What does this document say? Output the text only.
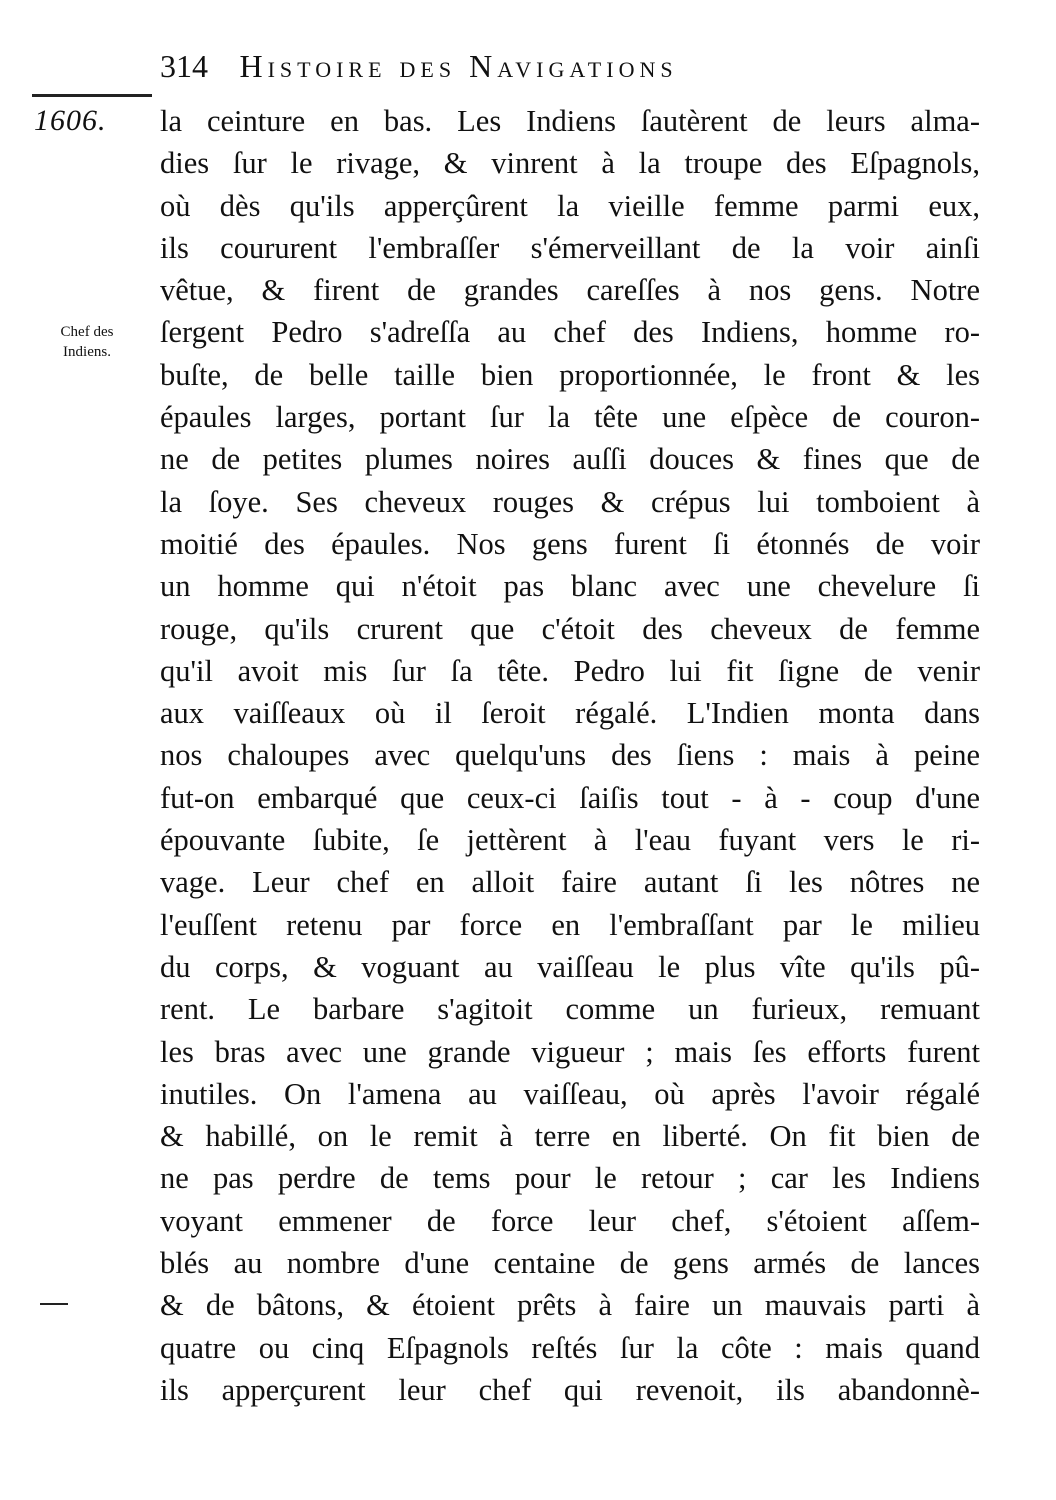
314 Histoire des Navigations
1606.
Chef des
Indiens.
la ceinture en bas. Les Indiens ſautèrent de leurs alma-
dies ſur le rivage, & vinrent à la troupe des Eſpagnols,
où dès qu'ils apperçûrent la vieille femme parmi eux,
ils coururent l'embraſſer s'émerveillant de la voir ainſi
vêtue, & firent de grandes careſſes à nos gens. Notre
ſergent Pedro s'adreſſa au chef des Indiens, homme ro-
buſte, de belle taille bien proportionnée, le front & les
épaules larges, portant ſur la tête une eſpèce de couron-
ne de petites plumes noires auſſi douces & fines que de
la ſoye. Ses cheveux rouges & crépus lui tomboient à
moitié des épaules. Nos gens furent ſi étonnés de voir
un homme qui n'étoit pas blanc avec une chevelure ſi
rouge, qu'ils crurent que c'étoit des cheveux de femme
qu'il avoit mis ſur ſa tête. Pedro lui fit ſigne de venir
aux vaiſſeaux où il ſeroit régalé. L'Indien monta dans
nos chaloupes avec quelqu'uns des ſiens : mais à peine
fut-on embarqué que ceux-ci ſaiſis tout - à - coup d'une
épouvante ſubite, ſe jettèrent à l'eau fuyant vers le ri-
vage. Leur chef en alloit faire autant ſi les nôtres ne
l'euſſent retenu par force en l'embraſſant par le milieu
du corps, & voguant au vaiſſeau le plus vîte qu'ils pû-
rent. Le barbare s'agitoit comme un furieux, remuant
les bras avec une grande vigueur ; mais ſes efforts furent
inutiles. On l'amena au vaiſſeau, où après l'avoir régalé
& habillé, on le remit à terre en liberté. On fit bien de
ne pas perdre de tems pour le retour ; car les Indiens
voyant emmener de force leur chef, s'étoient aſſem-
blés au nombre d'une centaine de gens armés de lances
& de bâtons, & étoient prêts à faire un mauvais parti à
quatre ou cinq Eſpagnols reſtés ſur la côte : mais quand
ils apperçurent leur chef qui revenoit, ils abandonnè-
